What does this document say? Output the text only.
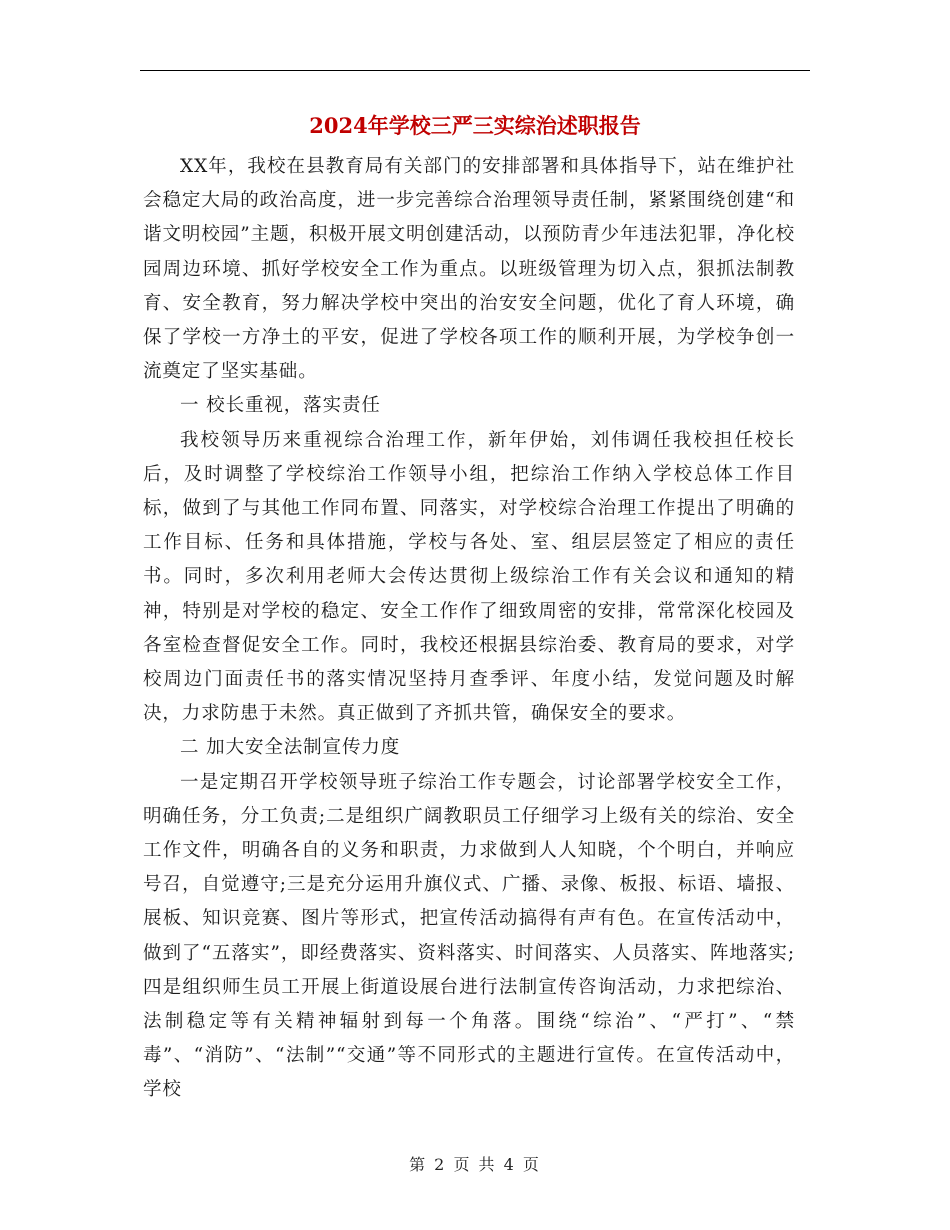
2024年学校三严三实综治述职报告

XX年，我校在县教育局有关部门的安排部署和具体指导下，站在维护社会稳定大局的政治高度，进一步完善综合治理领导责任制，紧紧围绕创建“和谐文明校园”主题，积极开展文明创建活动，以预防青少年违法犯罪，净化校园周边环境、抓好学校安全工作为重点。以班级管理为切入点，狠抓法制教育、安全教育，努力解决学校中突出的治安安全问题，优化了育人环境，确保了学校一方净土的平安，促进了学校各项工作的顺利开展，为学校争创一流奠定了坚实基础。

一 校长重视，落实责任

我校领导历来重视综合治理工作，新年伊始，刘伟调任我校担任校长后，及时调整了学校综治工作领导小组，把综治工作纳入学校总体工作目标，做到了与其他工作同布置、同落实，对学校综合治理工作提出了明确的工作目标、任务和具体措施，学校与各处、室、组层层签定了相应的责任书。同时，多次利用老师大会传达贯彻上级综治工作有关会议和通知的精神，特别是对学校的稳定、安全工作作了细致周密的安排，常常深化校园及各室检查督促安全工作。同时，我校还根据县综治委、教育局的要求，对学校周边门面责任书的落实情况坚持月查季评、年度小结，发觉问题及时解决，力求防患于未然。真正做到了齐抓共管，确保安全的要求。

二 加大安全法制宣传力度

一是定期召开学校领导班子综治工作专题会，讨论部署学校安全工作，明确任务，分工负责;二是组织广阔教职员工仔细学习上级有关的综治、安全工作文件，明确各自的义务和职责，力求做到人人知晓，个个明白，并响应号召，自觉遵守;三是充分运用升旗仪式、广播、录像、板报、标语、墙报、展板、知识竞赛、图片等形式，把宣传活动搞得有声有色。在宣传活动中，做到了“五落实”，即经费落实、资料落实、时间落实、人员落实、阵地落实;四是组织师生员工开展上街道设展台进行法制宣传咨询活动，力求把综治、法制稳定等有关精神辐射到每一个角落。围绕“综治”、“严打”、“禁毒”、“消防”、“法制”“交通”等不同形式的主题进行宣传。在宣传活动中，学校

第 2 页 共 4 页
